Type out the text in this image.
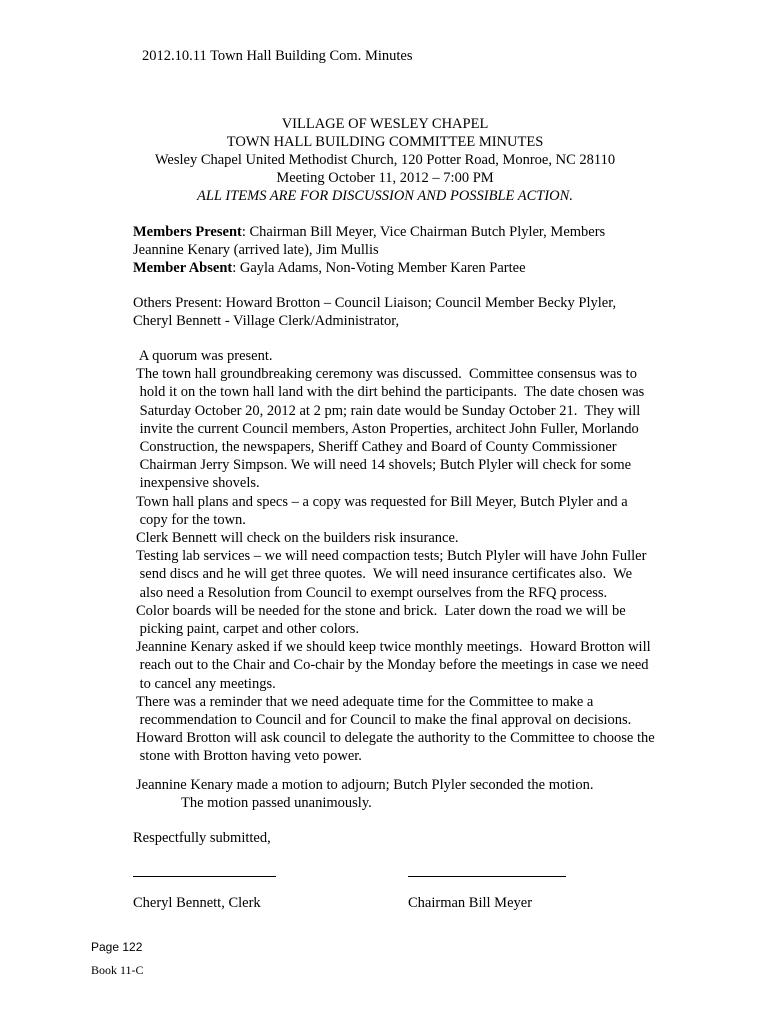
2012.10.11 Town Hall Building Com. Minutes
VILLAGE OF WESLEY CHAPEL
TOWN HALL BUILDING COMMITTEE MINUTES
Wesley Chapel United Methodist Church, 120 Potter Road, Monroe, NC 28110
Meeting October 11, 2012 – 7:00 PM
ALL ITEMS ARE FOR DISCUSSION AND POSSIBLE ACTION.
Members Present: Chairman Bill Meyer, Vice Chairman Butch Plyler, Members
Jeannine Kenary (arrived late), Jim Mullis
Member Absent: Gayla Adams, Non-Voting Member Karen Partee
Others Present: Howard Brotton – Council Liaison; Council Member Becky Plyler,
Cheryl Bennett - Village Clerk/Administrator,
A quorum was present.
The town hall groundbreaking ceremony was discussed.  Committee consensus was to
hold it on the town hall land with the dirt behind the participants.  The date chosen was
Saturday October 20, 2012 at 2 pm; rain date would be Sunday October 21.  They will
invite the current Council members, Aston Properties, architect John Fuller, Morlando
Construction, the newspapers, Sheriff Cathey and Board of County Commissioner
Chairman Jerry Simpson. We will need 14 shovels; Butch Plyler will check for some
inexpensive shovels.
Town hall plans and specs – a copy was requested for Bill Meyer, Butch Plyler and a
copy for the town.
Clerk Bennett will check on the builders risk insurance.
Testing lab services – we will need compaction tests; Butch Plyler will have John Fuller
send discs and he will get three quotes.  We will need insurance certificates also.  We
also need a Resolution from Council to exempt ourselves from the RFQ process.
Color boards will be needed for the stone and brick.  Later down the road we will be
picking paint, carpet and other colors.
Jeannine Kenary asked if we should keep twice monthly meetings.  Howard Brotton will
reach out to the Chair and Co-chair by the Monday before the meetings in case we need
to cancel any meetings.
There was a reminder that we need adequate time for the Committee to make a
recommendation to Council and for Council to make the final approval on decisions.
Howard Brotton will ask council to delegate the authority to the Committee to choose the
stone with Brotton having veto power.
Jeannine Kenary made a motion to adjourn; Butch Plyler seconded the motion.
The motion passed unanimously.
Respectfully submitted,
Cheryl Bennett, Clerk	Chairman Bill Meyer
Page 122
Book 11-C
